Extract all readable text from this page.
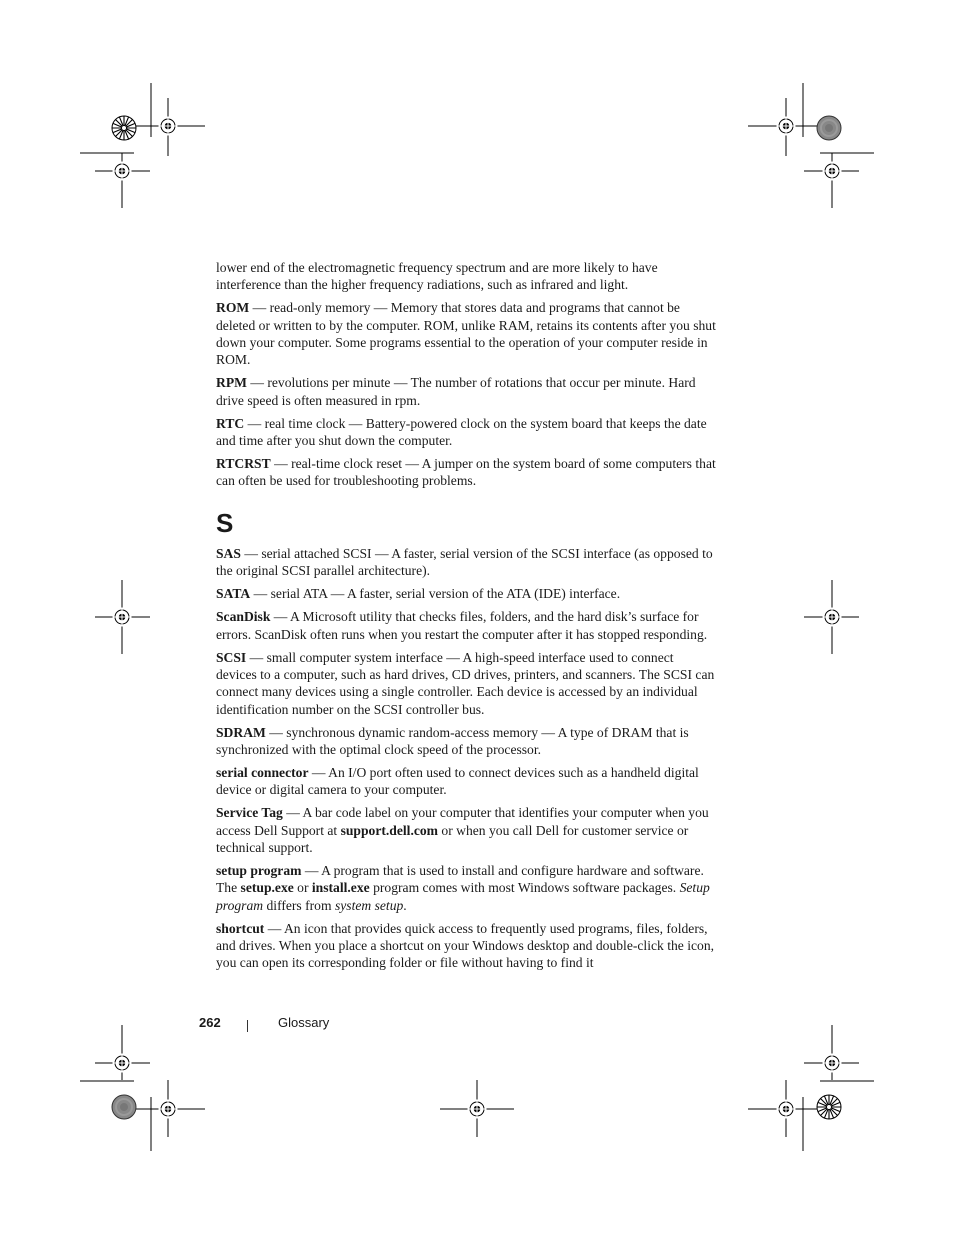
lower end of the electromagnetic frequency spectrum and are more likely to have interference than the higher frequency radiations, such as infrared and light.

ROM — read-only memory — Memory that stores data and programs that cannot be deleted or written to by the computer. ROM, unlike RAM, retains its contents after you shut down your computer. Some programs essential to the operation of your computer reside in ROM.

RPM — revolutions per minute — The number of rotations that occur per minute. Hard drive speed is often measured in rpm.

RTC — real time clock — Battery-powered clock on the system board that keeps the date and time after you shut down the computer.

RTCRST — real-time clock reset — A jumper on the system board of some computers that can often be used for troubleshooting problems.

S

SAS — serial attached SCSI — A faster, serial version of the SCSI interface (as opposed to the original SCSI parallel architecture).

SATA — serial ATA — A faster, serial version of the ATA (IDE) interface.

ScanDisk — A Microsoft utility that checks files, folders, and the hard disk’s surface for errors. ScanDisk often runs when you restart the computer after it has stopped responding.

SCSI — small computer system interface — A high-speed interface used to connect devices to a computer, such as hard drives, CD drives, printers, and scanners. The SCSI can connect many devices using a single controller. Each device is accessed by an individual identification number on the SCSI controller bus.

SDRAM — synchronous dynamic random-access memory — A type of DRAM that is synchronized with the optimal clock speed of the processor.

serial connector — An I/O port often used to connect devices such as a handheld digital device or digital camera to your computer.

Service Tag — A bar code label on your computer that identifies your computer when you access Dell Support at support.dell.com or when you call Dell for customer service or technical support.

setup program — A program that is used to install and configure hardware and software. The setup.exe or install.exe program comes with most Windows software packages. Setup program differs from system setup.

shortcut — An icon that provides quick access to frequently used programs, files, folders, and drives. When you place a shortcut on your Windows desktop and double-click the icon, you can open its corresponding folder or file without having to find it

262	Glossary
